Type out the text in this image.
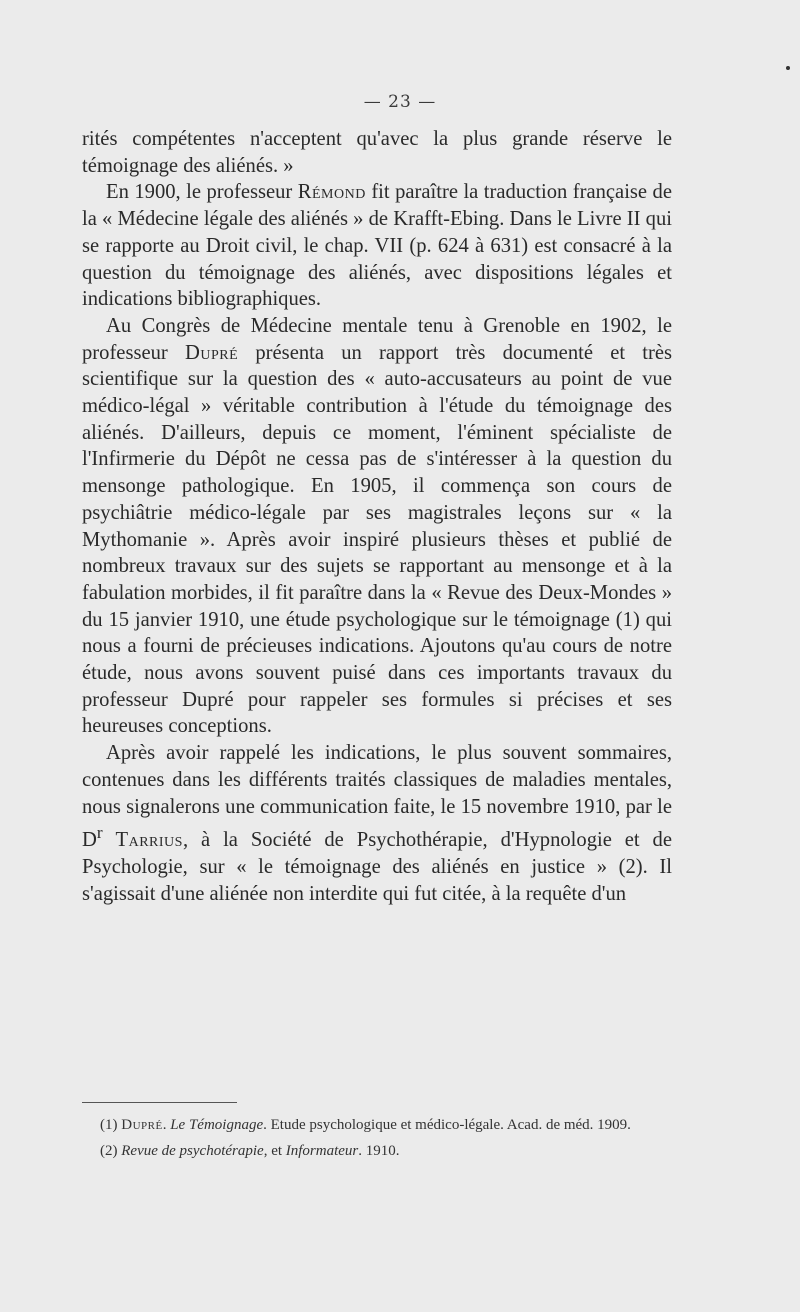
— 23 —

rités compétentes n'acceptent qu'avec la plus grande réserve le témoignage des aliénés. »

En 1900, le professeur Rémond fit paraître la traduction française de la « Médecine légale des aliénés » de Krafft-Ebing. Dans le Livre II qui se rapporte au Droit civil, le chap. VII (p. 624 à 631) est consacré à la question du témoignage des aliénés, avec dispositions légales et indications bibliographiques.

Au Congrès de Médecine mentale tenu à Grenoble en 1902, le professeur Dupré présenta un rapport très documenté et très scientifique sur la question des « auto-accusateurs au point de vue médico-légal » véritable contribution à l'étude du témoignage des aliénés. D'ailleurs, depuis ce moment, l'éminent spécialiste de l'Infirmerie du Dépôt ne cessa pas de s'intéresser à la question du mensonge pathologique. En 1905, il commença son cours de psychiâtrie médico-légale par ses magistrales leçons sur « la Mythomanie ». Après avoir inspiré plusieurs thèses et publié de nombreux travaux sur des sujets se rapportant au mensonge et à la fabulation morbides, il fit paraître dans la « Revue des Deux-Mondes » du 15 janvier 1910, une étude psychologique sur le témoignage (1) qui nous a fourni de précieuses indications. Ajoutons qu'au cours de notre étude, nous avons souvent puisé dans ces importants travaux du professeur Dupré pour rappeler ses formules si précises et ses heureuses conceptions.

Après avoir rappelé les indications, le plus souvent sommaires, contenues dans les différents traités classiques de maladies mentales, nous signalerons une communication faite, le 15 novembre 1910, par le $D^r$ Tarrius, à la Société de Psychothérapie, d'Hypnologie et de Psychologie, sur « le témoignage des aliénés en justice » (2). Il s'agissait d'une aliénée non interdite qui fut citée, à la requête d'un

(1) Dupré. Le Témoignage. Etude psychologique et médico-légale. Acad. de méd. 1909.

(2) Revue de psychotérapie, et Informateur. 1910.
